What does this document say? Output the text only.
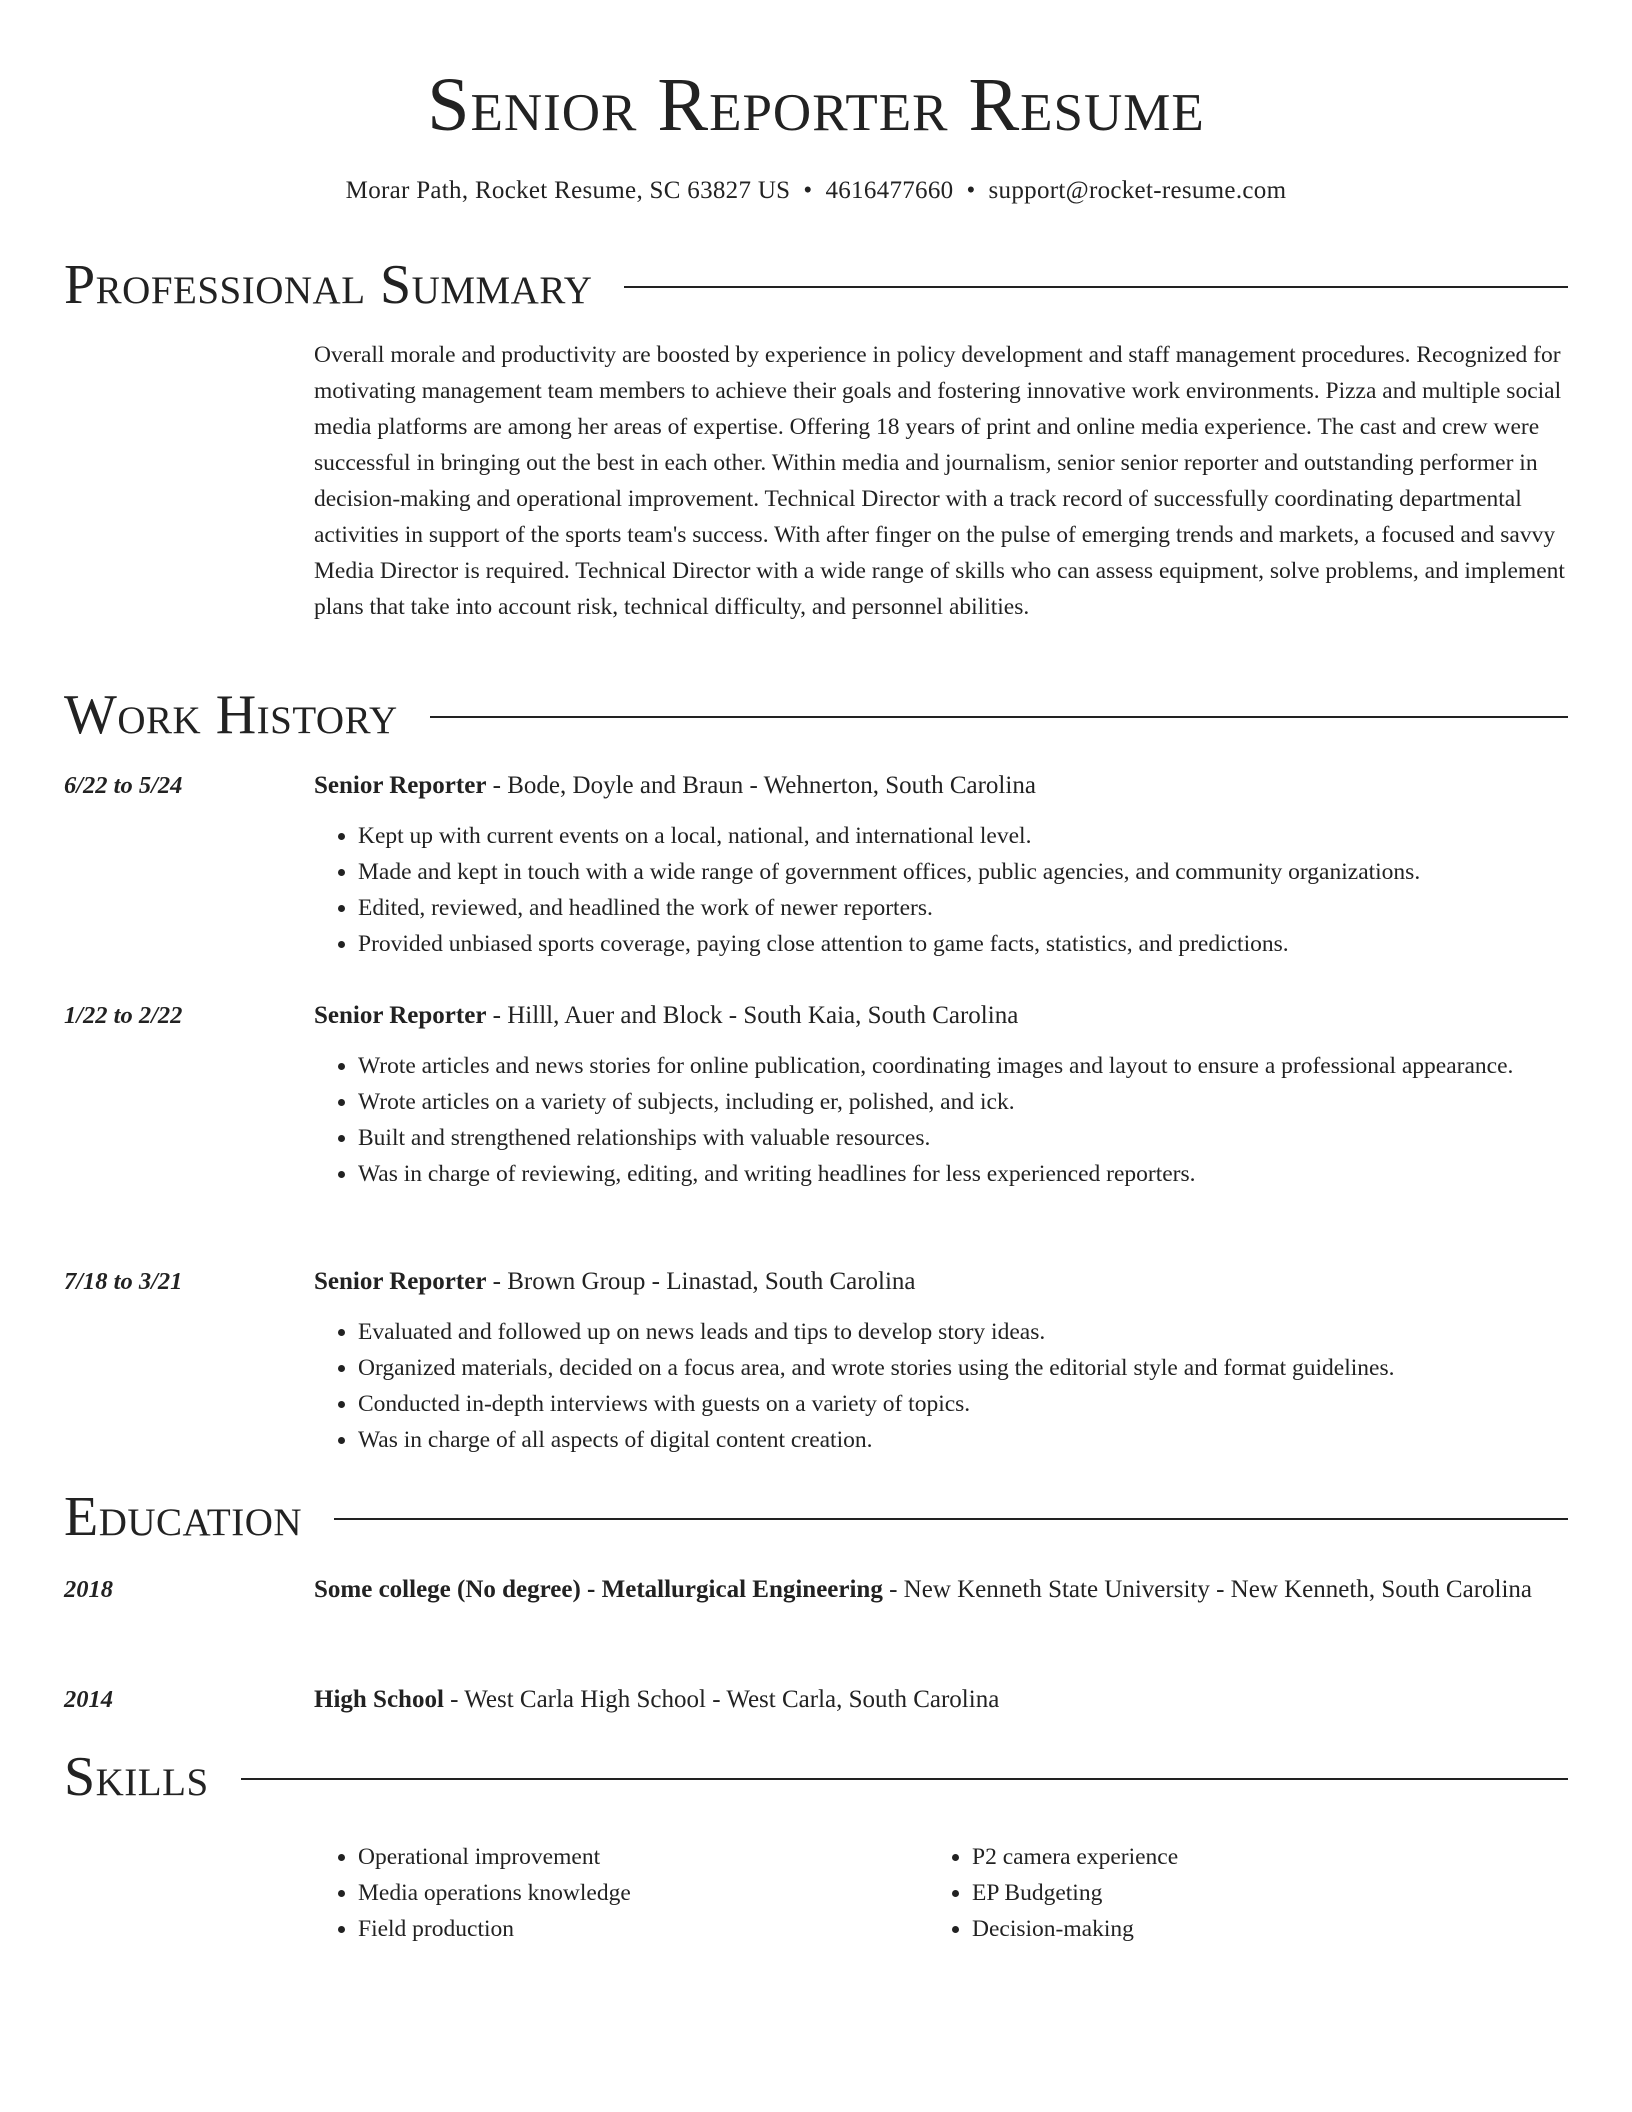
Senior Reporter Resume
Morar Path, Rocket Resume, SC 63827 US • 4616477660 • support@rocket-resume.com
Professional Summary

Overall morale and productivity are boosted by experience in policy development and staff management procedures. Recognized for motivating management team members to achieve their goals and fostering innovative work environments. Pizza and multiple social media platforms are among her areas of expertise. Offering 18 years of print and online media experience. The cast and crew were successful in bringing out the best in each other. Within media and journalism, senior senior reporter and outstanding performer in decision-making and operational improvement. Technical Director with a track record of successfully coordinating departmental activities in support of the sports team's success. With after finger on the pulse of emerging trends and markets, a focused and savvy Media Director is required. Technical Director with a wide range of skills who can assess equipment, solve problems, and implement plans that take into account risk, technical difficulty, and personnel abilities.

Work History
6/22 to 5/24	Senior Reporter - Bode, Doyle and Braun - Wehnerton, South Carolina
• Kept up with current events on a local, national, and international level.
• Made and kept in touch with a wide range of government offices, public agencies, and community organizations.
• Edited, reviewed, and headlined the work of newer reporters.
• Provided unbiased sports coverage, paying close attention to game facts, statistics, and predictions.
1/22 to 2/22	Senior Reporter - Hilll, Auer and Block - South Kaia, South Carolina
• Wrote articles and news stories for online publication, coordinating images and layout to ensure a professional appearance.
• Wrote articles on a variety of subjects, including er, polished, and ick.
• Built and strengthened relationships with valuable resources.
• Was in charge of reviewing, editing, and writing headlines for less experienced reporters.
7/18 to 3/21	Senior Reporter - Brown Group - Linastad, South Carolina
• Evaluated and followed up on news leads and tips to develop story ideas.
• Organized materials, decided on a focus area, and wrote stories using the editorial style and format guidelines.
• Conducted in-depth interviews with guests on a variety of topics.
• Was in charge of all aspects of digital content creation.
Education
2018	Some college (No degree) - Metallurgical Engineering - New Kenneth State University - New Kenneth, South Carolina
2014	High School - West Carla High School - West Carla, South Carolina
Skills
• Operational improvement
• Media operations knowledge
• Field production
• P2 camera experience
• EP Budgeting
• Decision-making
